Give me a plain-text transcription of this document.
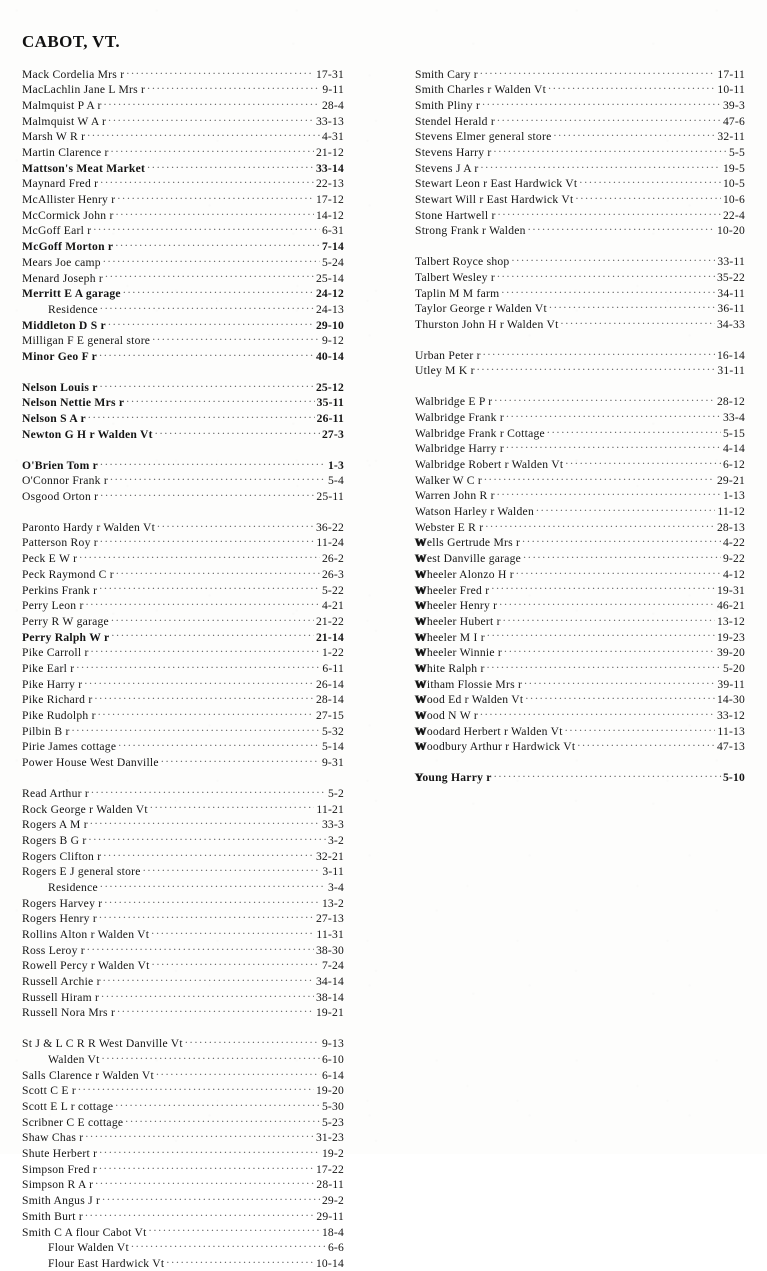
CABOT, VT.
Mack Cordelia Mrs r . . .	17-31
MacLachlin Jane L Mrs r . . .	9-11
Malmquist P A r . . .	28-4
Malmquist W A r . . .	33-13
Marsh W R r . . .	4-31
Martin Clarence r . . .	21-12
Mattson's Meat Market . . .	33-14
Maynard Fred r . . .	22-13
McAllister Henry r . . .	17-12
McCormick John r . . .	14-12
McGoff Earl r . . .	6-31
McGoff Morton r . . .	7-14
Mears Joe camp . . .	5-24
Menard Joseph r . . .	25-14
Merritt E A garage . . .	24-12
Residence . . .	24-13
Middleton D S r . . .	29-10
Milligan F E general store . . .	9-12
Minor Geo F r . . .	40-14
Nelson Louis r . . .	25-12
Nelson Nettie Mrs r . . .	35-11
Nelson S A r . . .	26-11
Newton G H r Walden Vt . . .	27-3
O'Brien Tom r . . .	1-3
O'Connor Frank r . . .	5-4
Osgood Orton r . . .	25-11
Paronto Hardy r Walden Vt . . .	36-22
Patterson Roy r . . .	11-24
Peck E W r . . .	26-2
Peck Raymond C r . . .	26-3
Perkins Frank r . . .	5-22
Perry Leon r . . .	4-21
Perry R W garage . . .	21-22
Perry Ralph W r . . .	21-14
Pike Carroll r . . .	1-22
Pike Earl r . . .	6-11
Pike Harry r . . .	26-14
Pike Richard r . . .	28-14
Pike Rudolph r . . .	27-15
Pilbin B r . . .	5-32
Pirie James cottage . . .	5-14
Power House West Danville . . .	9-31
Read Arthur r . . .	5-2
Rock George r Walden Vt . . .	11-21
Rogers A M r . . .	33-3
Rogers B G r . . .	3-2
Rogers Clifton r . . .	32-21
Rogers E J general store . . .	3-11
Residence . . .	3-4
Rogers Harvey r . . .	13-2
Rogers Henry r . . .	27-13
Rollins Alton r Walden Vt . . .	11-31
Ross Leroy r . . .	38-30
Rowell Percy r Walden Vt . . .	7-24
Russell Archie r . . .	34-14
Russell Hiram r . . .	38-14
Russell Nora Mrs r . . .	19-21
St J & L C R R West Danville Vt . . .	9-13
Walden Vt . . .	6-10
Salls Clarence r Walden Vt . . .	6-14
Scott C E r . . .	19-20
Scott E L r cottage . . .	5-30
Scribner C E cottage . . .	5-23
Shaw Chas r . . .	31-23
Shute Herbert r . . .	19-2
Simpson Fred r . . .	17-22
Simpson R A r . . .	28-11
Smith Angus J r . . .	29-2
Smith Burt r . . .	29-11
Smith C A flour Cabot Vt . . .	18-4
Flour Walden Vt . . .	6-6
Flour East Hardwick Vt . . .	10-14
Smith Cary r . . .	17-11
Smith Charles r Walden Vt . . .	10-11
Smith Pliny r . . .	39-3
Stendel Herald r . . .	47-6
Stevens Elmer general store . . .	32-11
Stevens Harry r . . .	5-5
Stevens J A r . . .	19-5
Stewart Leon r East Hardwick Vt . . .	10-5
Stewart Will r East Hardwick Vt . . .	10-6
Stone Hartwell r . . .	22-4
Strong Frank r Walden . . .	10-20
Talbert Royce shop . . .	33-11
Talbert Wesley r . . .	35-22
Taplin M M farm . . .	34-11
Taylor George r Walden Vt . . .	36-11
Thurston John H r Walden Vt . . .	34-33
Urban Peter r . . .	16-14
Utley M K r . . .	31-11
Walbridge E P r . . .	28-12
Walbridge Frank r . . .	33-4
Walbridge Frank r Cottage . . .	5-15
Walbridge Harry r . . .	4-14
Walbridge Robert r Walden Vt . . .	6-12
Walker W C r . . .	29-21
Warren John R r . . .	1-13
Watson Harley r Walden . . .	11-12
Webster E R r . . .	28-13
Wells Gertrude Mrs r . . .	4-22
West Danville garage . . .	9-22
Wheeler Alonzo H r . . .	4-12
Wheeler Fred r . . .	19-31
Wheeler Henry r . . .	46-21
Wheeler Hubert r . . .	13-12
Wheeler M I r . . .	19-23
Wheeler Winnie r . . .	39-20
White Ralph r . . .	5-20
Witham Flossie Mrs r . . .	39-11
Wood Ed r Walden Vt . . .	14-30
Wood N W r . . .	33-12
Woodard Herbert r Walden Vt . . .	11-13
Woodbury Arthur r Hardwick Vt . . .	47-13
Young Harry r . . .	5-10
